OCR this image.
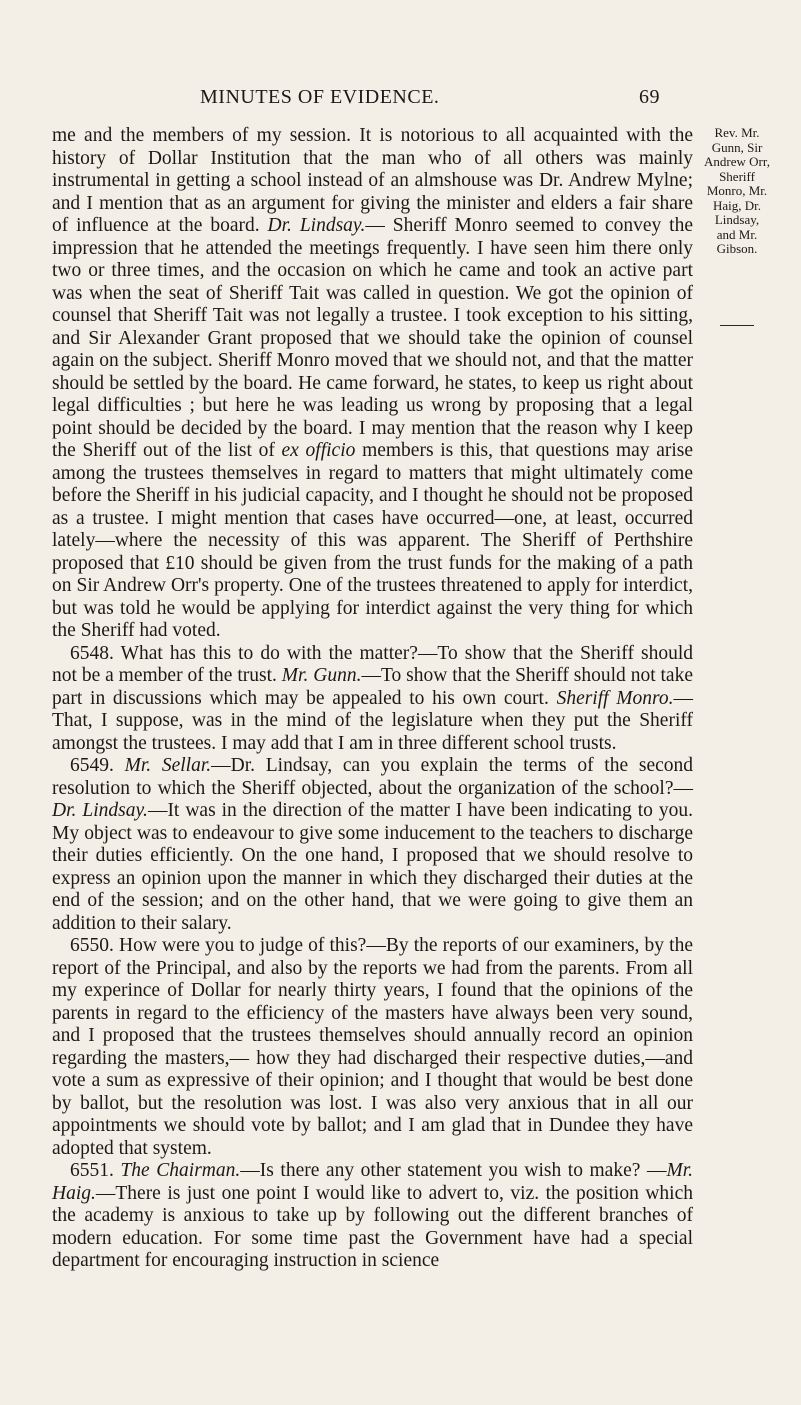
MINUTES OF EVIDENCE.	69

me and the members of my session. It is notorious to all acquainted with the history of Dollar Institution that the man who of all others was mainly instrumental in getting a school instead of an almshouse was Dr. Andrew Mylne; and I mention that as an argument for giving the minister and elders a fair share of influence at the board. Dr. Lindsay.— Sheriff Monro seemed to convey the impression that he attended the meetings frequently. I have seen him there only two or three times, and the occasion on which he came and took an active part was when the seat of Sheriff Tait was called in question. We got the opinion of counsel that Sheriff Tait was not legally a trustee. I took exception to his sitting, and Sir Alexander Grant proposed that we should take the opinion of counsel again on the subject. Sheriff Monro moved that we should not, and that the matter should be settled by the board. He came forward, he states, to keep us right about legal difficulties ; but here he was leading us wrong by proposing that a legal point should be decided by the board. I may mention that the reason why I keep the Sheriff out of the list of ex officio members is this, that questions may arise among the trustees themselves in regard to matters that might ultimately come before the Sheriff in his judicial capacity, and I thought he should not be proposed as a trustee. I might mention that cases have occurred—one, at least, occurred lately—where the necessity of this was apparent. The Sheriff of Perthshire proposed that £10 should be given from the trust funds for the making of a path on Sir Andrew Orr's property. One of the trustees threatened to apply for interdict, but was told he would be applying for interdict against the very thing for which the Sheriff had voted.

6548. What has this to do with the matter?—To show that the Sheriff should not be a member of the trust. Mr. Gunn.—To show that the Sheriff should not take part in discussions which may be appealed to his own court. Sheriff Monro.—That, I suppose, was in the mind of the legislature when they put the Sheriff amongst the trustees. I may add that I am in three different school trusts.

6549. Mr. Sellar.—Dr. Lindsay, can you explain the terms of the second resolution to which the Sheriff objected, about the organization of the school?—Dr. Lindsay.—It was in the direction of the matter I have been indicating to you. My object was to endeavour to give some inducement to the teachers to discharge their duties efficiently. On the one hand, I proposed that we should resolve to express an opinion upon the manner in which they discharged their duties at the end of the session; and on the other hand, that we were going to give them an addition to their salary.

6550. How were you to judge of this?—By the reports of our examiners, by the report of the Principal, and also by the reports we had from the parents. From all my experince of Dollar for nearly thirty years, I found that the opinions of the parents in regard to the efficiency of the masters have always been very sound, and I proposed that the trustees themselves should annually record an opinion regarding the masters,— how they had discharged their respective duties,—and vote a sum as expressive of their opinion; and I thought that would be best done by ballot, but the resolution was lost. I was also very anxious that in all our appointments we should vote by ballot; and I am glad that in Dundee they have adopted that system.

6551. The Chairman.—Is there any other statement you wish to make? —Mr. Haig.—There is just one point I would like to advert to, viz. the position which the academy is anxious to take up by following out the different branches of modern education. For some time past the Government have had a special department for encouraging instruction in science

Rev. Mr. Gunn, Sir Andrew Orr, Sheriff Monro, Mr. Haig, Dr. Lindsay, and Mr. Gibson.
